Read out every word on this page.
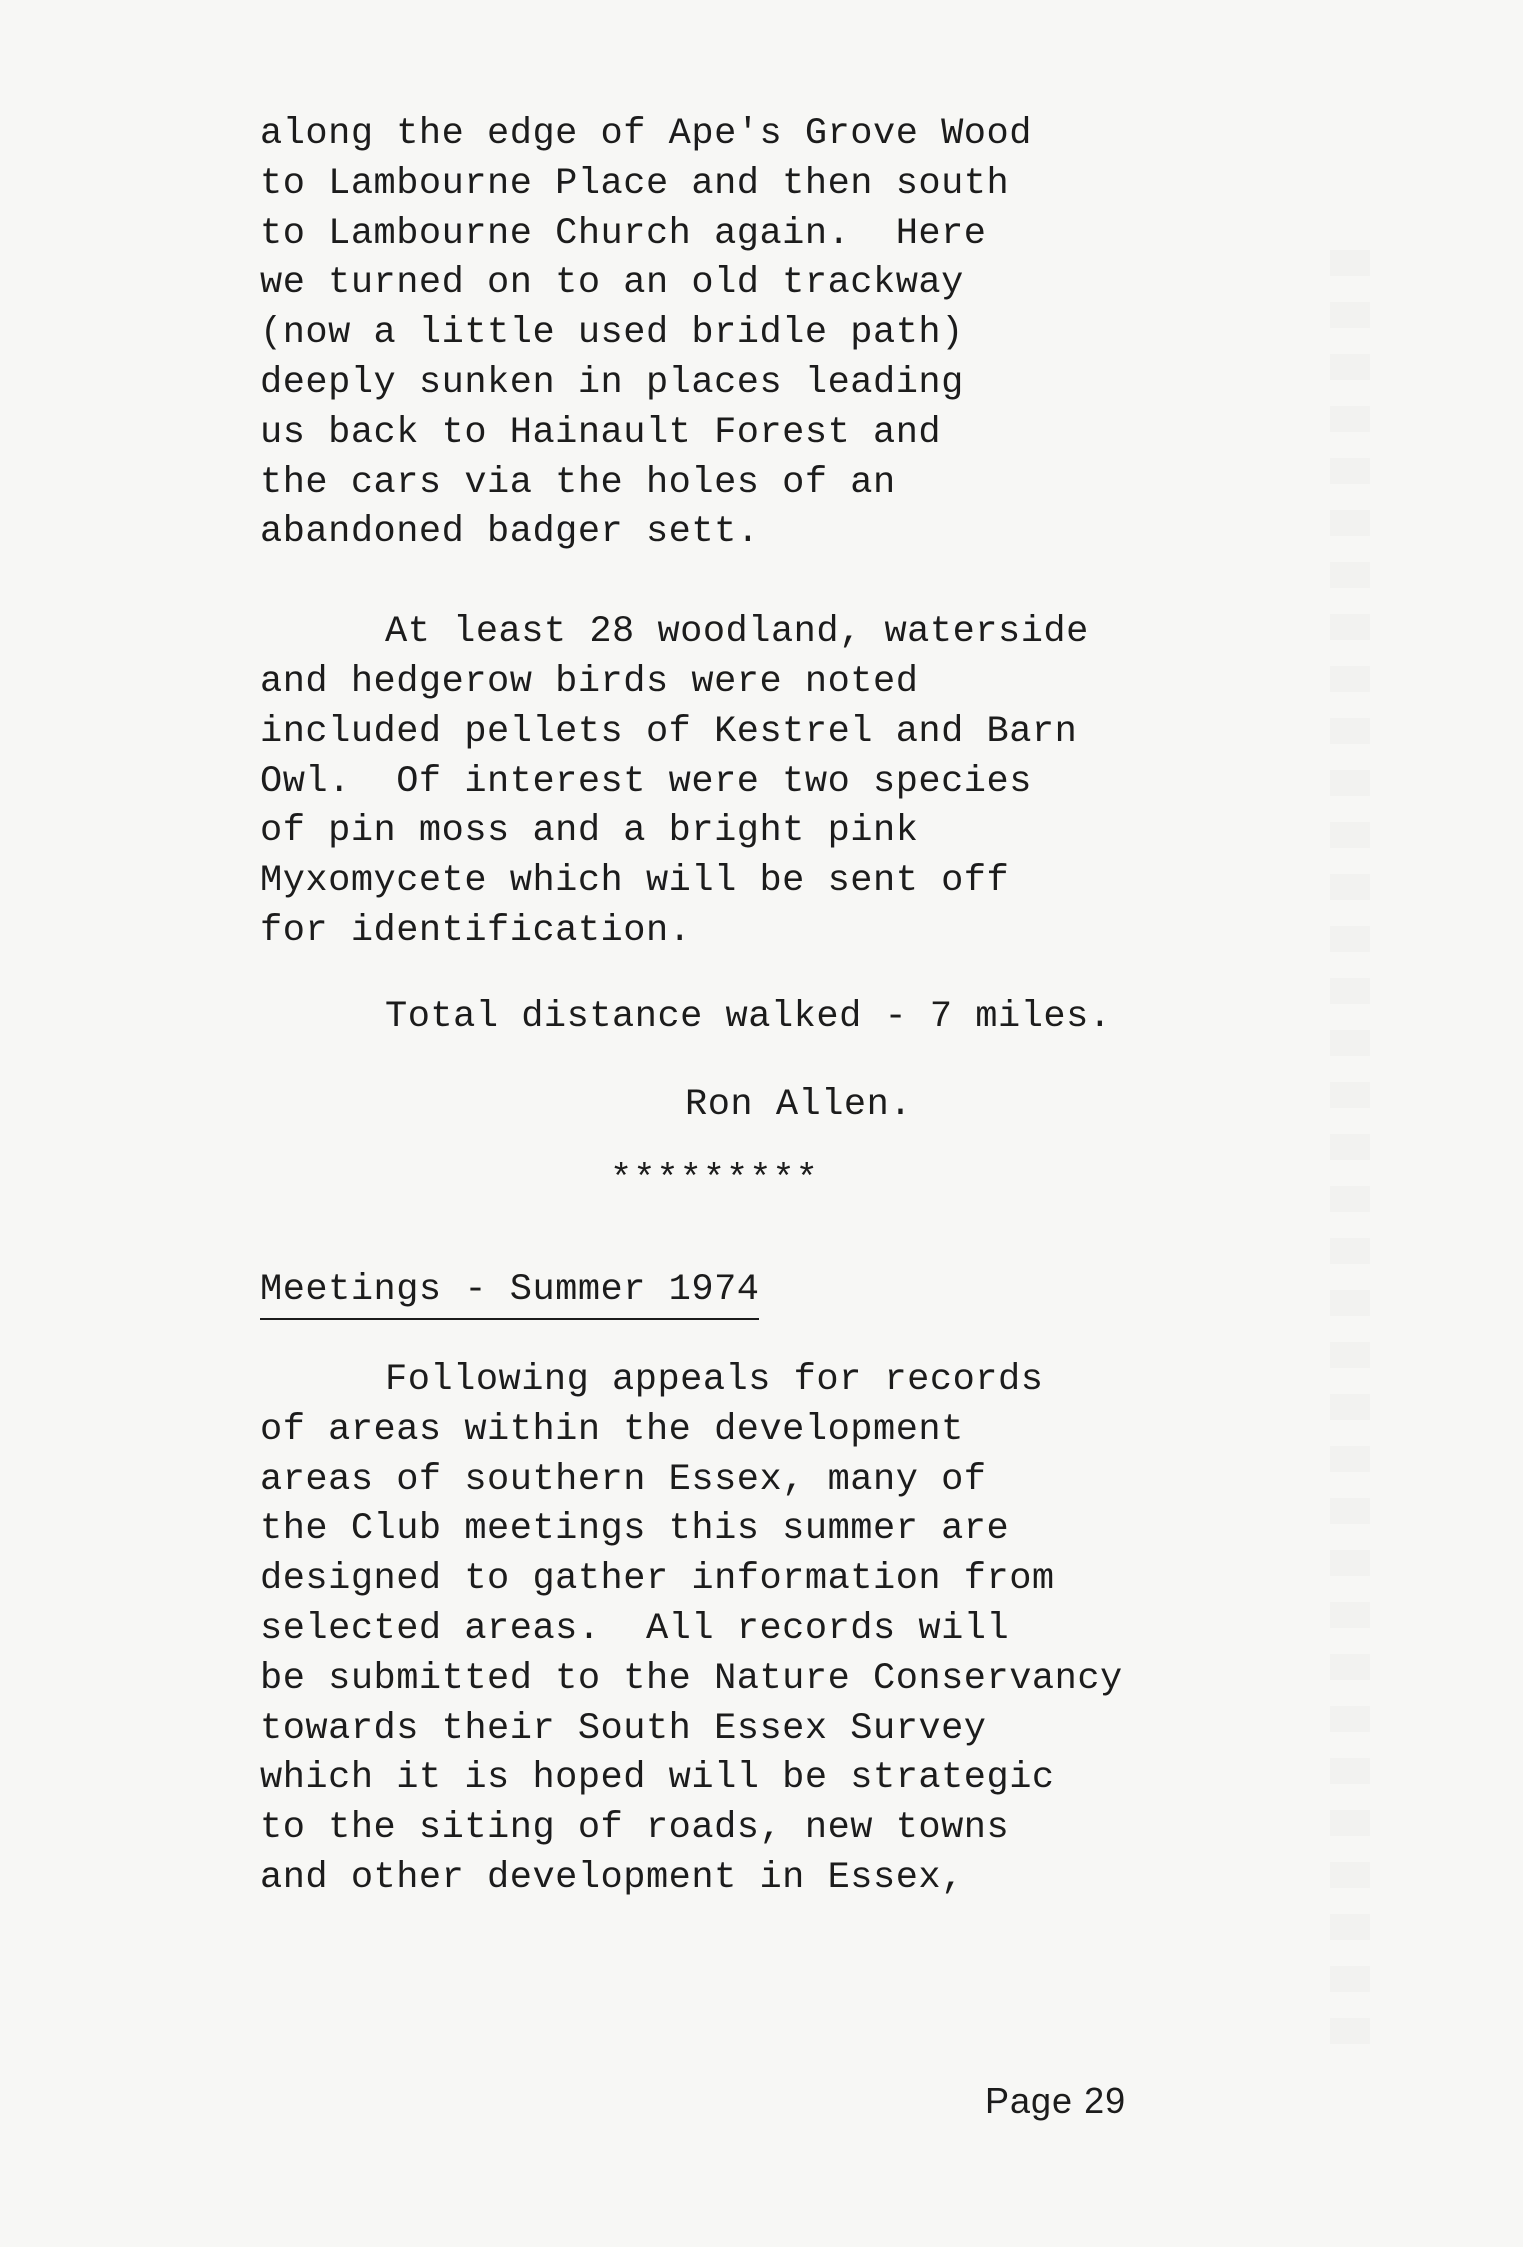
along the edge of Ape's Grove Wood
to Lambourne Place and then south
to Lambourne Church again.  Here
we turned on to an old trackway
(now a little used bridle path)
deeply sunken in places leading
us back to Hainault Forest and
the cars via the holes of an
abandoned badger sett.
At least 28 woodland, waterside
and hedgerow birds were noted
included pellets of Kestrel and Barn
Owl.  Of interest were two species
of pin moss and a bright pink
Myxomycete which will be sent off
for identification.
Total distance walked - 7 miles.
Ron Allen.
*********
Meetings - Summer 1974
Following appeals for records
of areas within the development
areas of southern Essex, many of
the Club meetings this summer are
designed to gather information from
selected areas.  All records will
be submitted to the Nature Conservancy
towards their South Essex Survey
which it is hoped will be strategic
to the siting of roads, new towns
and other development in Essex,
Page 29
